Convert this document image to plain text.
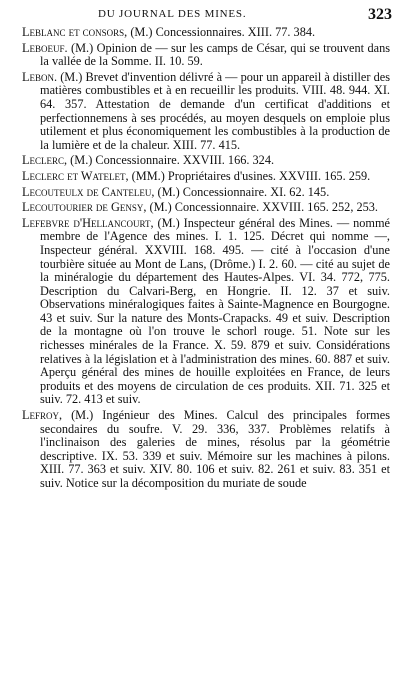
DU JOURNAL DES MINES.	323

Leblanc et consors, (M.) Concessionnaires. XIII. 77. 384.

Leboeuf. (M.) Opinion de — sur les camps de César, qui se trouvent dans la vallée de la Somme. II. 10. 59.

Lebon. (M.) Brevet d'invention délivré à — pour un appareil à distiller des matières combustibles et à en recueillir les produits. VIII. 48. 944. XI. 64. 357. Attestation de demande d'un certificat d'additions et perfectionnemens à ses procédés, au moyen desquels on emploie plus utilement et plus économiquement les combustibles à la production de la lumière et de la chaleur. XIII. 77. 415.

Leclerc, (M.) Concessionnaire. XXVIII. 166. 324.

Leclerc et Watelet, (MM.) Propriétaires d'usines. XXVIII. 165. 259.

Lecouteulx de Canteleu, (M.) Concessionnaire. XI. 62. 145.

Lecoutourier de Gensy, (M.) Concessionnaire. XXVIII. 165. 252, 253.

Lefebvre d'Hellancourt, (M.) Inspecteur général des Mines. — nommé membre de l'Agence des mines. I. 1. 125. Décret qui nomme —, Inspecteur général. XXVIII. 168. 495. — cité à l'occasion d'une tourbière située au Mont de Lans, (Drôme.) I. 2. 60. — cité au sujet de la minéralogie du département des Hautes-Alpes. VI. 34. 772, 775. Description du Calvari-Berg, en Hongrie. II. 12. 37 et suiv. Observations minéralogiques faites à Sainte-Magnence en Bourgogne. 43 et suiv. Sur la nature des Monts-Crapacks. 49 et suiv. Description de la montagne où l'on trouve le schorl rouge. 51. Note sur les richesses minérales de la France. X. 59. 879 et suiv. Considérations relatives à la législation et à l'administration des mines. 60. 887 et suiv. Aperçu général des mines de houille exploitées en France, de leurs produits et des moyens de circulation de ces produits. XII. 71. 325 et suiv. 72. 413 et suiv.

Lefroy, (M.) Ingénieur des Mines. Calcul des principales formes secondaires du soufre. V. 29. 336, 337. Problèmes relatifs à l'inclinaison des galeries de mines, résolus par la géométrie descriptive. IX. 53. 339 et suiv. Mémoire sur les machines à pilons. XIII. 77. 363 et suiv. XIV. 80. 106 et suiv. 82. 261 et suiv. 83. 351 et suiv. Notice sur la décomposition du muriate de soude
